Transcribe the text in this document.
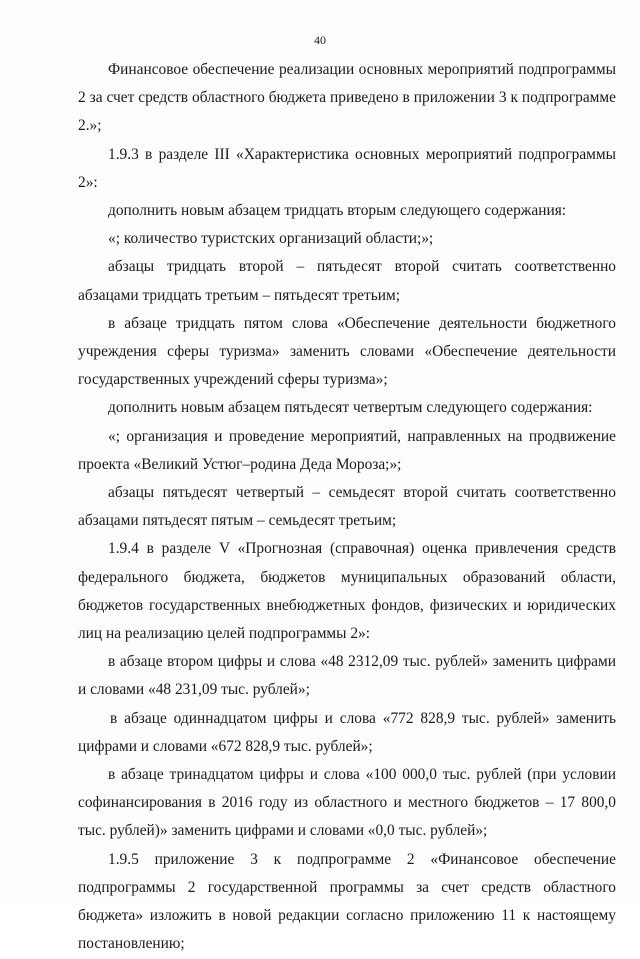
40

Финансовое обеспечение реализации основных мероприятий подпрограммы 2 за счет средств областного бюджета приведено в приложении 3 к подпрограмме 2.»;

1.9.3 в разделе III «Характеристика основных мероприятий подпрограммы 2»:

дополнить новым абзацем тридцать вторым следующего содержания:

«; количество туристских организаций области;»;

абзацы тридцать второй – пятьдесят второй считать соответственно абзацами тридцать третьим – пятьдесят третьим;

в абзаце тридцать пятом слова «Обеспечение деятельности бюджетного учреждения сферы туризма» заменить словами «Обеспечение деятельности государственных учреждений сферы туризма»;

дополнить новым абзацем пятьдесят четвертым следующего содержания:

«; организация и проведение мероприятий, направленных на продвижение проекта «Великий Устюг–родина Деда Мороза;»;

абзацы пятьдесят четвертый – семьдесят второй считать соответственно абзацами пятьдесят пятым – семьдесят третьим;

1.9.4 в разделе V «Прогнозная (справочная) оценка привлечения средств федерального бюджета, бюджетов муниципальных образований области, бюджетов государственных внебюджетных фондов, физических и юридических лиц на реализацию целей подпрограммы 2»:

в абзаце втором цифры и слова «48 2312,09 тыс. рублей» заменить цифрами и словами «48 231,09 тыс. рублей»;

в абзаце одиннадцатом цифры и слова «772 828,9 тыс. рублей» заменить цифрами и словами «672 828,9 тыс. рублей»;

в абзаце тринадцатом цифры и слова «100 000,0 тыс. рублей (при условии софинансирования в 2016 году из областного и местного бюджетов – 17 800,0 тыс. рублей)» заменить цифрами и словами «0,0 тыс. рублей»;

1.9.5 приложение 3 к подпрограмме 2 «Финансовое обеспечение подпрограммы 2 государственной программы за счет средств областного бюджета» изложить в новой редакции согласно приложению 11 к настоящему постановлению;
